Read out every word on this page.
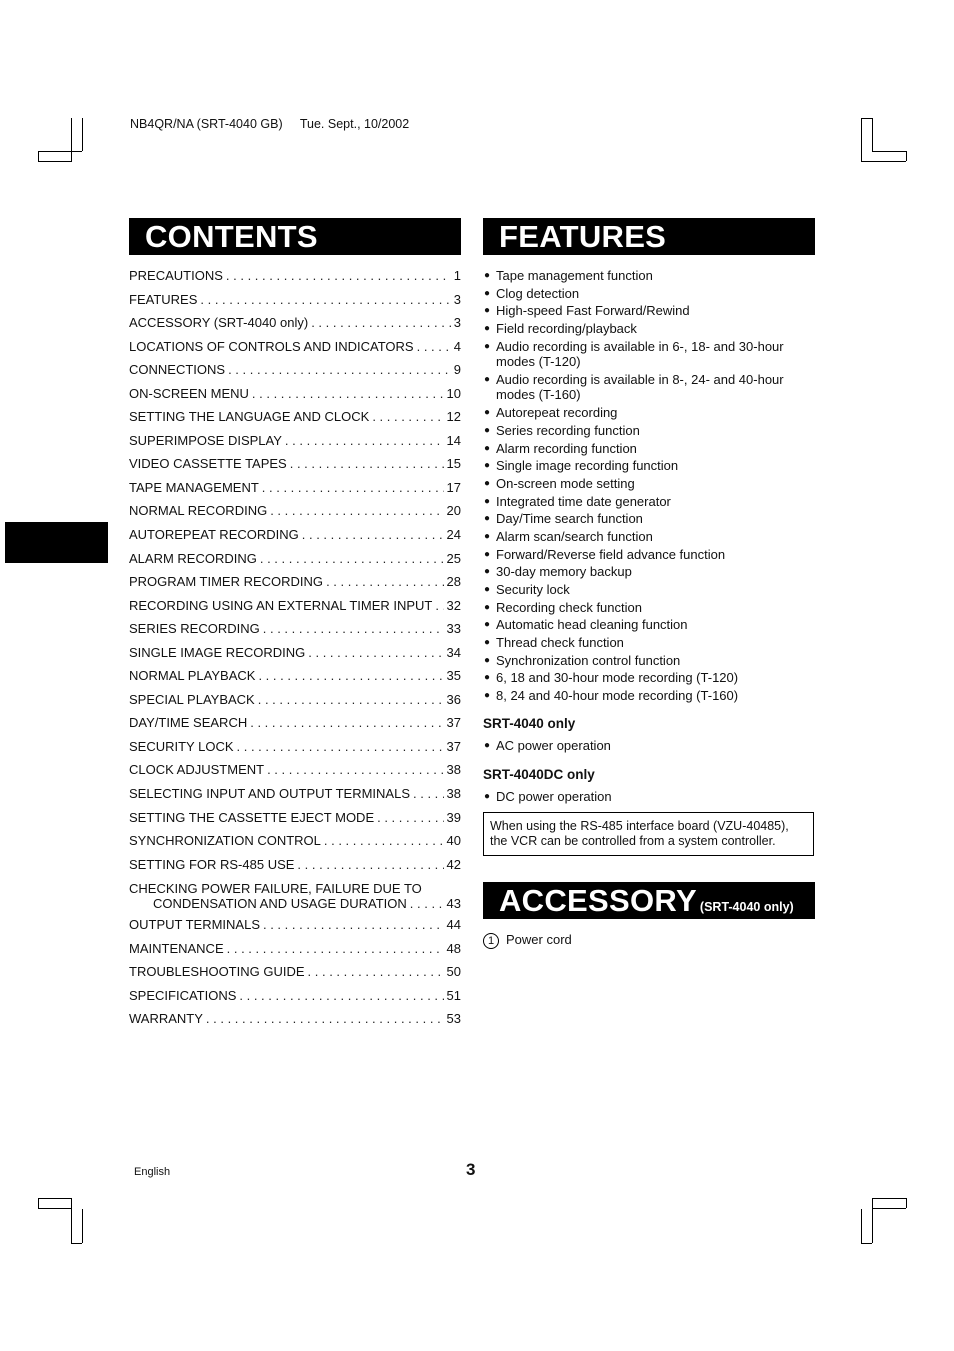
NB4QR/NA (SRT-4040 GB) Tue. Sept., 10/2002
CONTENTS
PRECAUTIONS . . .	1
FEATURES . . .	3
ACCESSORY (SRT-4040 only) . . .	3
LOCATIONS OF CONTROLS AND INDICATORS . . .	4
CONNECTIONS . . .	9
ON-SCREEN MENU . . .	10
SETTING THE LANGUAGE AND CLOCK . . .	12
SUPERIMPOSE DISPLAY . . .	14
VIDEO CASSETTE TAPES . . .	15
TAPE MANAGEMENT . . .	17
NORMAL RECORDING . . .	20
AUTOREPEAT RECORDING . . .	24
ALARM RECORDING . . .	25
PROGRAM TIMER RECORDING . . .	28
RECORDING USING AN EXTERNAL TIMER INPUT . . . 32
SERIES RECORDING . . .	33
SINGLE IMAGE RECORDING . . .	34
NORMAL PLAYBACK . . .	35
SPECIAL PLAYBACK . . .	36
DAY/TIME SEARCH . . .	37
SECURITY LOCK . . .	37
CLOCK ADJUSTMENT . . .	38
SELECTING INPUT AND OUTPUT TERMINALS . . .	38
SETTING THE CASSETTE EJECT MODE . . .	39
SYNCHRONIZATION CONTROL . . .	40
SETTING FOR RS-485 USE . . .	42
CHECKING POWER FAILURE, FAILURE DUE TO
CONDENSATION AND USAGE DURATION . . .	43
OUTPUT TERMINALS . . .	44
MAINTENANCE . . .	48
TROUBLESHOOTING GUIDE . . .	50
SPECIFICATIONS . . .	51
WARRANTY . . .	53
FEATURES
● Tape management function
● Clog detection
● High-speed Fast Forward/Rewind
● Field recording/playback
● Audio recording is available in 6-, 18- and 30-hour modes (T-120)
● Audio recording is available in 8-, 24- and 40-hour modes (T-160)
● Autorepeat recording
● Series recording function
● Alarm recording function
● Single image recording function
● On-screen mode setting
● Integrated time date generator
● Day/Time search function
● Alarm scan/search function
● Forward/Reverse field advance function
● 30-day memory backup
● Security lock
● Recording check function
● Automatic head cleaning function
● Thread check function
● Synchronization control function
● 6, 18 and 30-hour mode recording (T-120)
● 8, 24 and 40-hour mode recording (T-160)
SRT-4040 only
● AC power operation
SRT-4040DC only
● DC power operation
When using the RS-485 interface board (VZU-40485),
the VCR can be controlled from a system controller.
ACCESSORY (SRT-4040 only)
1 Power cord
English	3
